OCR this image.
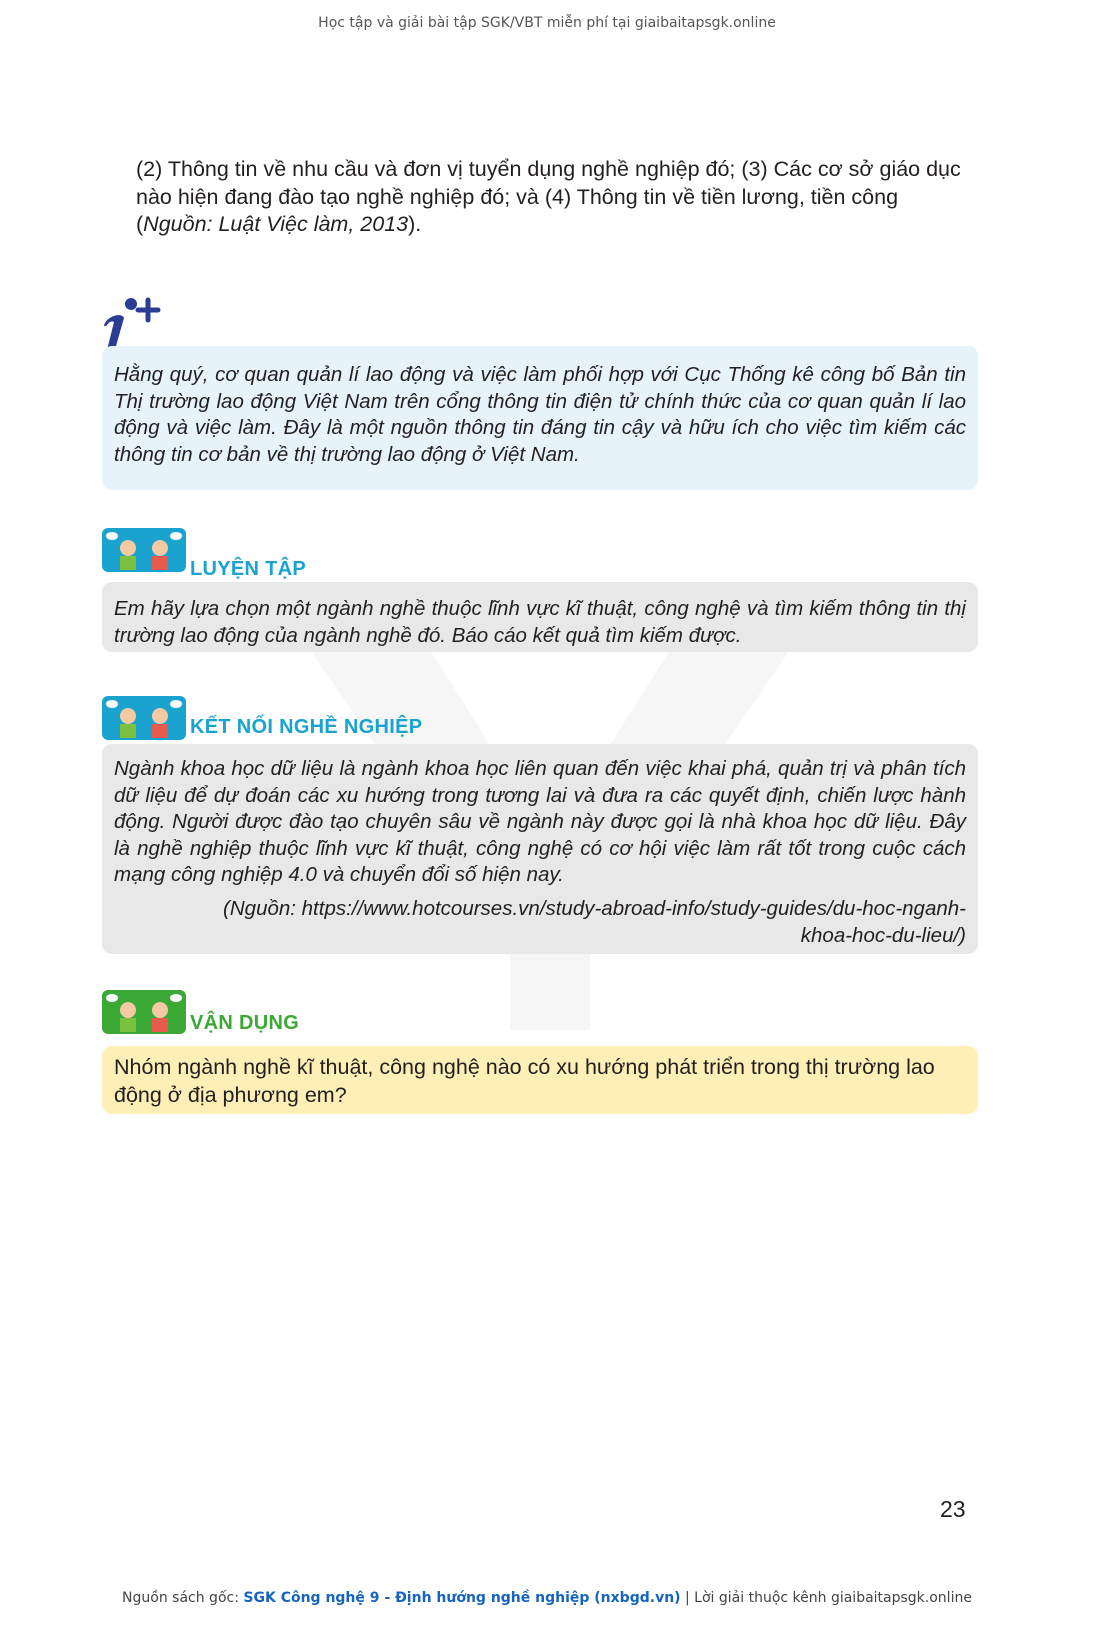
Học tập và giải bài tập SGK/VBT miễn phí tại giaibaitapsgk.online
(2) Thông tin về nhu cầu và đơn vị tuyển dụng nghề nghiệp đó; (3) Các cơ sở giáo dục nào hiện đang đào tạo nghề nghiệp đó; và (4) Thông tin về tiền lương, tiền công (Nguồn: Luật Việc làm, 2013).
Hằng quý, cơ quan quản lí lao động và việc làm phối hợp với Cục Thống kê công bố Bản tin Thị trường lao động Việt Nam trên cổng thông tin điện tử chính thức của cơ quan quản lí lao động và việc làm. Đây là một nguồn thông tin đáng tin cậy và hữu ích cho việc tìm kiếm các thông tin cơ bản về thị trường lao động ở Việt Nam.
LUYỆN TẬP
Em hãy lựa chọn một ngành nghề thuộc lĩnh vực kĩ thuật, công nghệ và tìm kiếm thông tin thị trường lao động của ngành nghề đó. Báo cáo kết quả tìm kiếm được.
KẾT NỐI NGHỀ NGHIỆP
Ngành khoa học dữ liệu là ngành khoa học liên quan đến việc khai phá, quản trị và phân tích dữ liệu để dự đoán các xu hướng trong tương lai và đưa ra các quyết định, chiến lược hành động. Người được đào tạo chuyên sâu về ngành này được gọi là nhà khoa học dữ liệu. Đây là nghề nghiệp thuộc lĩnh vực kĩ thuật, công nghệ có cơ hội việc làm rất tốt trong cuộc cách mạng công nghiệp 4.0 và chuyển đổi số hiện nay.
(Nguồn: https://www.hotcourses.vn/study-abroad-info/study-guides/du-hoc-nganh-
khoa-hoc-du-lieu/)
VẬN DỤNG
Nhóm ngành nghề kĩ thuật, công nghệ nào có xu hướng phát triển trong thị trường lao động ở địa phương em?
23
Nguồn sách gốc: SGK Công nghệ 9 - Định hướng nghề nghiệp (nxbgd.vn) | Lời giải thuộc kênh giaibaitapsgk.online
